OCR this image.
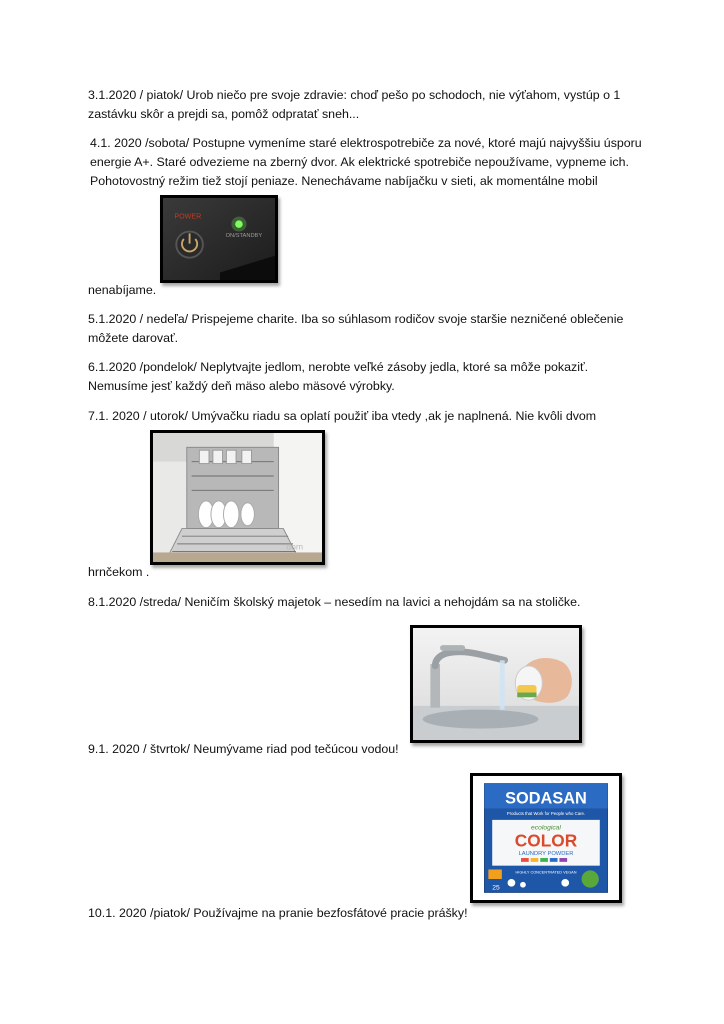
3.1.2020 / piatok/ Urob niečo pre svoje zdravie: choď pešo po schodoch, nie výťahom, vystúp o 1 zastávku skôr a prejdi sa, pomôž odpratať sneh...

4.1. 2020 /sobota/ Postupne vymeníme staré elektrospotrebiče za nové, ktoré majú najvyššiu úsporu energie A+. Staré odvezieme na zberný dvor. Ak elektrické spotrebiče nepoužívame, vypneme ich. Pohotovostný režim tiež stojí peniaze. Nenechávame nabíjačku v sieti, ak momentálne mobil

POWER
ON/STANDBY

nenabíjame.

5.1.2020 / nedeľa/ Prispejeme charite. Iba so súhlasom rodičov svoje staršie nezničené oblečenie môžete darovať.

6.1.2020 /pondelok/ Neplytvajte jedlom, nerobte veľké zásoby jedla, ktoré sa môže pokaziť. Nemusíme jesť každý deň mäso alebo mäsové výrobky.

7.1. 2020 / utorok/ Umývačku riadu sa oplatí použiť iba vtedy ,ak je naplnená. Nie kvôli dvom

dom

hrnčekom .

8.1.2020 /streda/ Neničím školský majetok – nesedím na lavici a nehojdám sa na stoličke.

9.1. 2020 / štvrtok/ Neumývame riad pod tečúcou vodou!

SODASAN
Products that Work for People who Care.
ecological
COLOR
LAUNDRY POWDER
HIGHLY CONCENTRATED VEGAN
25

10.1. 2020 /piatok/ Používajme na pranie bezfosfátové pracie prášky!
